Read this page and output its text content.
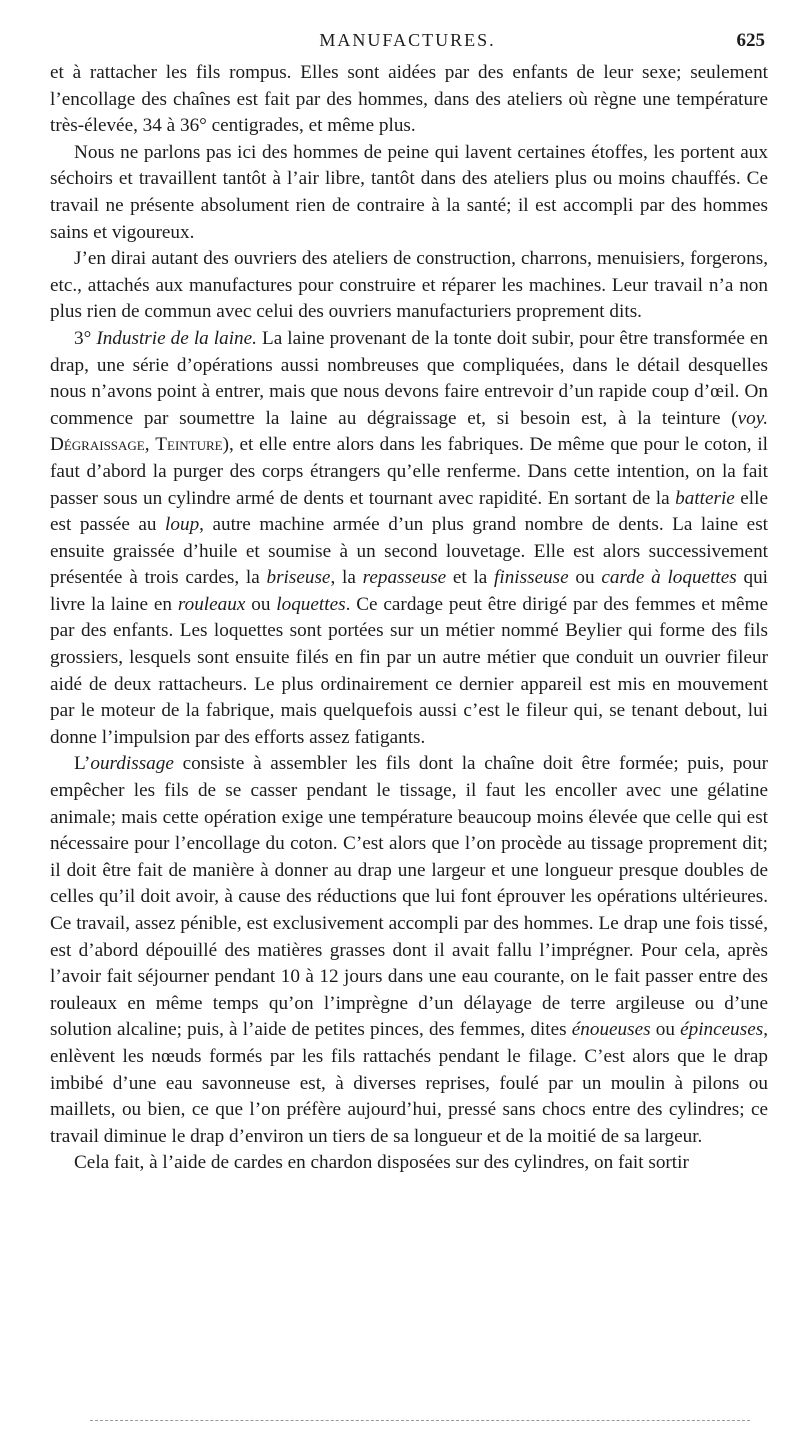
MANUFACTURES.	625

et à rattacher les fils rompus. Elles sont aidées par des enfants de leur sexe; seulement l’encollage des chaînes est fait par des hommes, dans des ateliers où règne une température très-élevée, 34 à 36° centigrades, et même plus.

Nous ne parlons pas ici des hommes de peine qui lavent certaines étoffes, les portent aux séchoirs et travaillent tantôt à l’air libre, tantôt dans des ateliers plus ou moins chauffés. Ce travail ne présente absolument rien de contraire à la santé; il est accompli par des hommes sains et vigoureux.

J’en dirai autant des ouvriers des ateliers de construction, charrons, menuisiers, forgerons, etc., attachés aux manufactures pour construire et réparer les machines. Leur travail n’a non plus rien de commun avec celui des ouvriers manufacturiers proprement dits.

3° Industrie de la laine. La laine provenant de la tonte doit subir, pour être transformée en drap, une série d’opérations aussi nombreuses que compliquées, dans le détail desquelles nous n’avons point à entrer, mais que nous devons faire entrevoir d’un rapide coup d’œil. On commence par soumettre la laine au dégraissage et, si besoin est, à la teinture (voy. Dégraissage, Teinture), et elle entre alors dans les fabriques. De même que pour le coton, il faut d’abord la purger des corps étrangers qu’elle renferme. Dans cette intention, on la fait passer sous un cylindre armé de dents et tournant avec rapidité. En sortant de la batterie elle est passée au loup, autre machine armée d’un plus grand nombre de dents. La laine est ensuite graissée d’huile et soumise à un second louvetage. Elle est alors successivement présentée à trois cardes, la briseuse, la repasseuse et la finisseuse ou carde à loquettes qui livre la laine en rouleaux ou loquettes. Ce cardage peut être dirigé par des femmes et même par des enfants. Les loquettes sont portées sur un métier nommé Beylier qui forme des fils grossiers, lesquels sont ensuite filés en fin par un autre métier que conduit un ouvrier fileur aidé de deux rattacheurs. Le plus ordinairement ce dernier appareil est mis en mouvement par le moteur de la fabrique, mais quelquefois aussi c’est le fileur qui, se tenant debout, lui donne l’impulsion par des efforts assez fatigants.

L’ourdissage consiste à assembler les fils dont la chaîne doit être formée; puis, pour empêcher les fils de se casser pendant le tissage, il faut les encoller avec une gélatine animale; mais cette opération exige une température beaucoup moins élevée que celle qui est nécessaire pour l’encollage du coton. C’est alors que l’on procède au tissage proprement dit; il doit être fait de manière à donner au drap une largeur et une longueur presque doubles de celles qu’il doit avoir, à cause des réductions que lui font éprouver les opérations ultérieures. Ce travail, assez pénible, est exclusivement accompli par des hommes. Le drap une fois tissé, est d’abord dépouillé des matières grasses dont il avait fallu l’imprégner. Pour cela, après l’avoir fait séjourner pendant 10 à 12 jours dans une eau courante, on le fait passer entre des rouleaux en même temps qu’on l’imprègne d’un délayage de terre argileuse ou d’une solution alcaline; puis, à l’aide de petites pinces, des femmes, dites énoueuses ou épinceuses, enlèvent les nœuds formés par les fils rattachés pendant le filage. C’est alors que le drap imbibé d’une eau savonneuse est, à diverses reprises, foulé par un moulin à pilons ou maillets, ou bien, ce que l’on préfère aujourd’hui, pressé sans chocs entre des cylindres; ce travail diminue le drap d’environ un tiers de sa longueur et de la moitié de sa largeur.

Cela fait, à l’aide de cardes en chardon disposées sur des cylindres, on fait sortir
